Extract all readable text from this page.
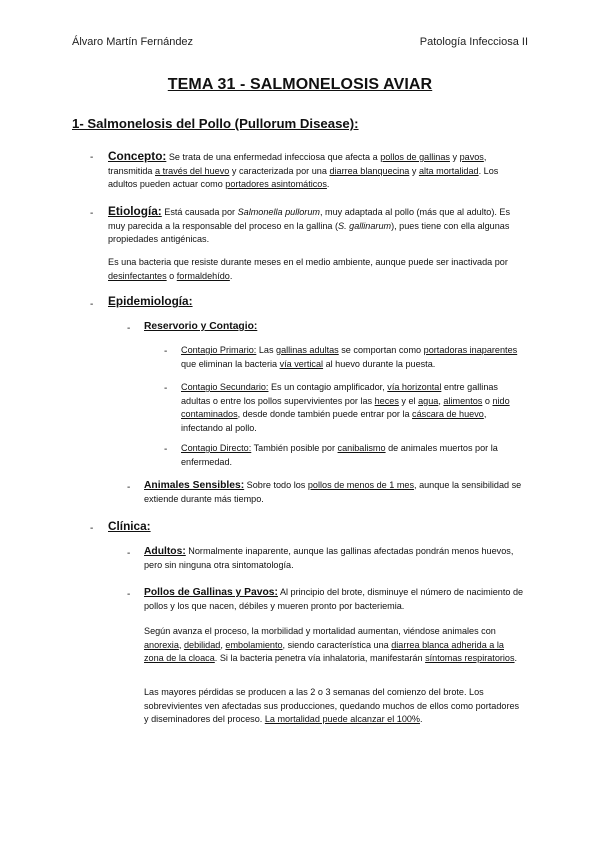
Álvaro Martín Fernández	Patología Infecciosa II
TEMA 31 - SALMONELOSIS AVIAR
1- Salmonelosis del Pollo (Pullorum Disease):
- Concepto: Se trata de una enfermedad infecciosa que afecta a pollos de gallinas y pavos, transmitida a través del huevo y caracterizada por una diarrea blanquecina y alta mortalidad. Los adultos pueden actuar como portadores asintomáticos.

- Etiología: Está causada por Salmonella pullorum, muy adaptada al pollo (más que al adulto). Es muy parecida a la responsable del proceso en la gallina (S. gallinarum), pues tiene con ella algunas propiedades antigénicas.

Es una bacteria que resiste durante meses en el medio ambiente, aunque puede ser inactivada por desinfectantes o formaldehído.

- Epidemiología:

- Reservorio y Contagio:

- Contagio Primario: Las gallinas adultas se comportan como portadoras inaparentes que eliminan la bacteria vía vertical al huevo durante la puesta.

- Contagio Secundario: Es un contagio amplificador, vía horizontal entre gallinas adultas o entre los pollos supervivientes por las heces y el agua, alimentos o nido contaminados, desde donde también puede entrar por la cáscara de huevo, infectando al pollo.

- Contagio Directo: También posible por canibalismo de animales muertos por la enfermedad.

- Animales Sensibles: Sobre todo los pollos de menos de 1 mes, aunque la sensibilidad se extiende durante más tiempo.

- Clínica:

- Adultos: Normalmente inaparente, aunque las gallinas afectadas pondrán menos huevos, pero sin ninguna otra sintomatología.

- Pollos de Gallinas y Pavos: Al principio del brote, disminuye el número de nacimiento de pollos y los que nacen, débiles y mueren pronto por bacteriemia.

Según avanza el proceso, la morbilidad y mortalidad aumentan, viéndose animales con anorexia, debilidad, embolamiento, siendo característica una diarrea blanca adherida a la zona de la cloaca. Si la bacteria penetra vía inhalatoria, manifestarán síntomas respiratorios.

Las mayores pérdidas se producen a las 2 o 3 semanas del comienzo del brote. Los sobrevivientes ven afectadas sus producciones, quedando muchos de ellos como portadores y diseminadores del proceso. La mortalidad puede alcanzar el 100%.
